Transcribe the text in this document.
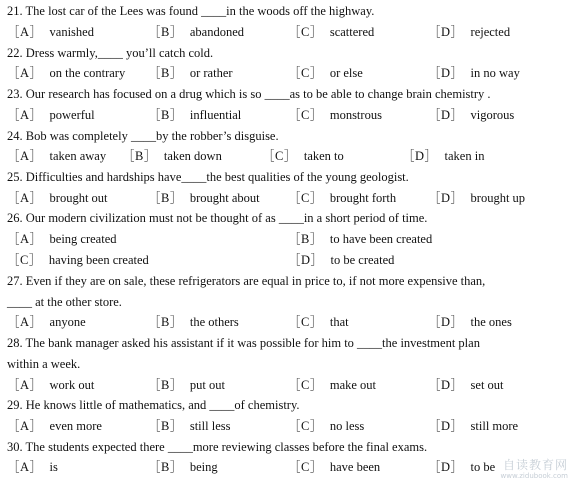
21. The lost car of the Lees was found ____in the woods off the highway.
［A］ vanished	［B］ abandoned	［C］ scattered	［D］ rejected
22. Dress warmly,____ you’ll catch cold.
［A］ on the contrary ［B］ or rather	［C］ or else	［D］ in no way
23. Our research has focused on a drug which is so ____as to be able to change brain chemistry .
［A］ powerful	［B］ influential	［C］ monstrous	［D］ vigorous
24. Bob was completely ____by the robber’s disguise.
［A］ taken away ［B］ taken down	［C］ taken to	［D］ taken in
25. Difficulties and hardships have____the best qualities of the young geologist.
［A］ brought out	［B］ brought about ［C］ brought forth	［D］ brought up
26. Our modern civilization must not be thought of as ____in a short period of time.
［A］ being created	［B］ to have been created
［C］ having been created	［D］ to be created
27. Even if they are on sale, these refrigerators are equal in price to, if not more expensive than,
____ at the other store.
［A］ anyone	［B］ the others	［C］ that	［D］ the ones
28. The bank manager asked his assistant if it was possible for him to ____the investment plan
within a week.
［A］ work out	［B］ put out	［C］ make out	［D］ set out
29. He knows little of mathematics, and ____of chemistry.
［A］ even more	［B］ still less	［C］ no less	［D］ still more
30. The students expected there ____more reviewing classes before the final exams.
［A］ is	［B］ being	［C］ have been	［D］ to be 自读教育网
www.zidubook.com
